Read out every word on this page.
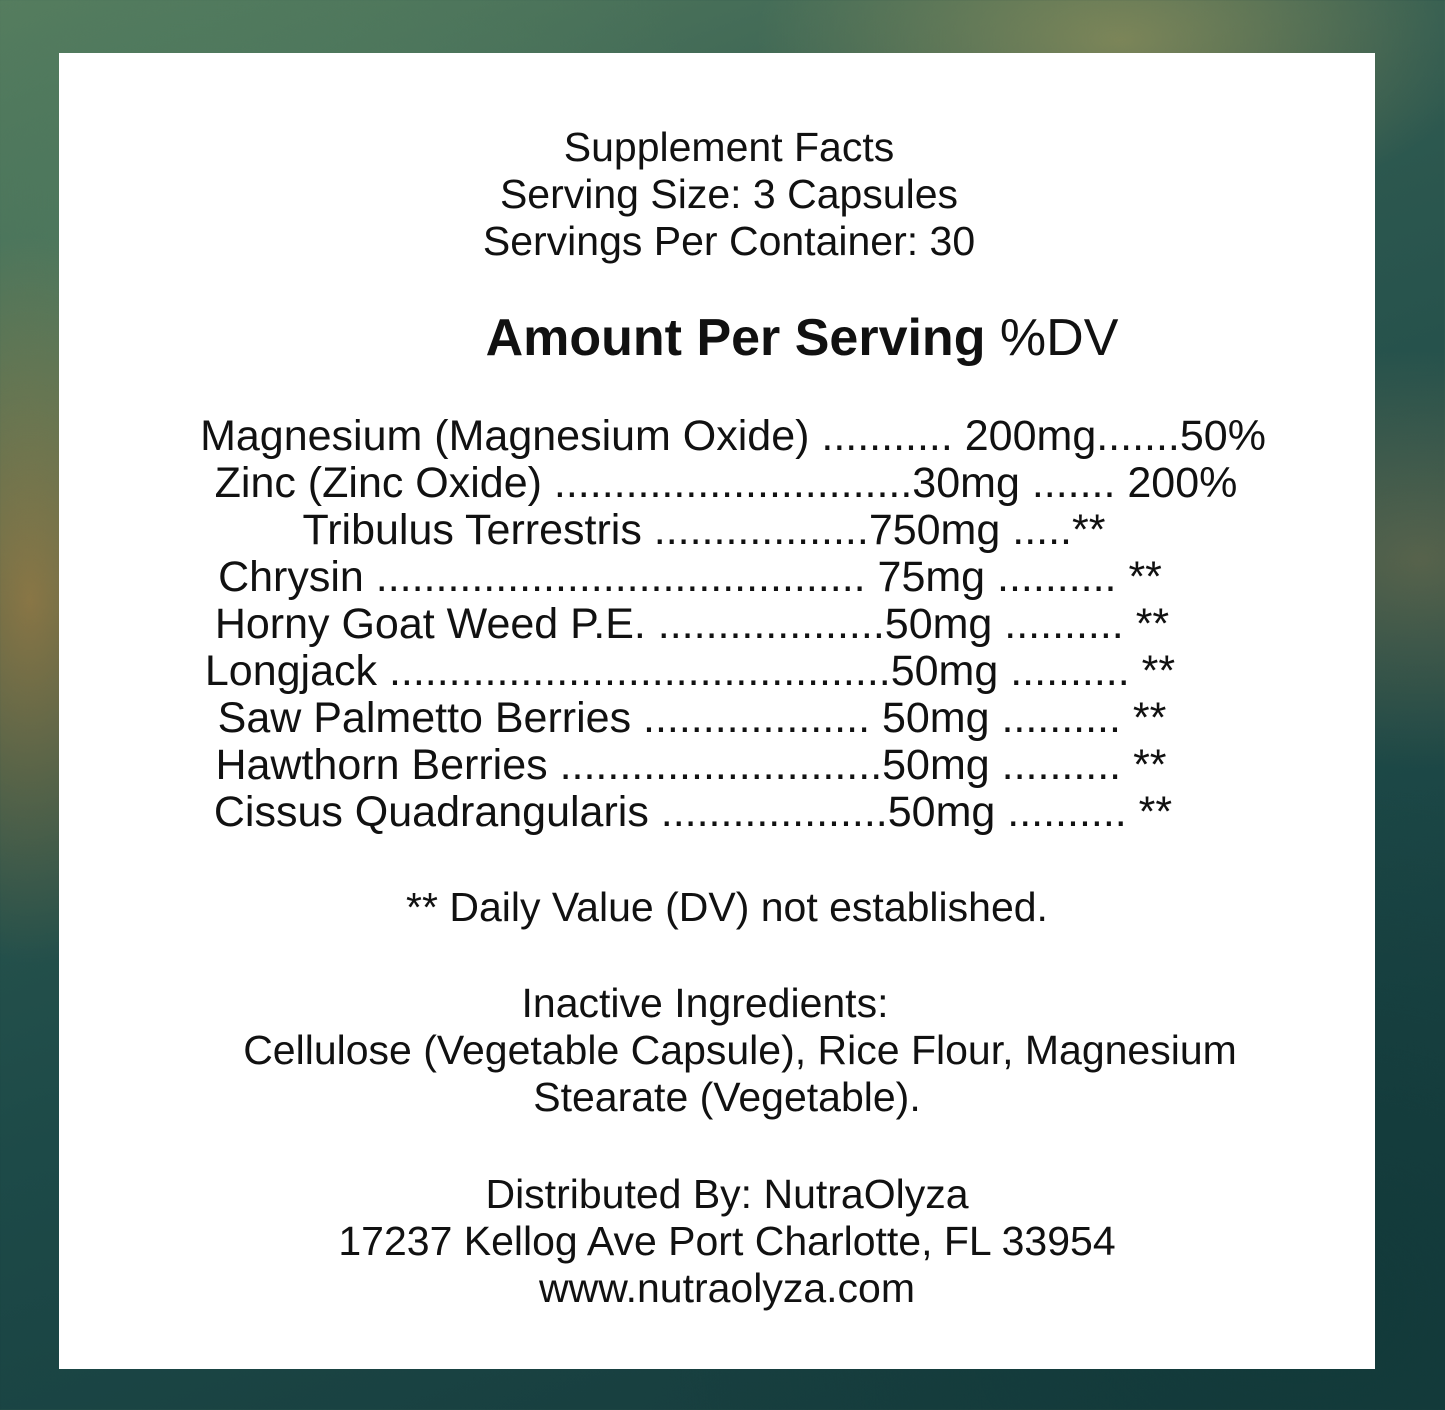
Supplement Facts
Serving Size: 3 Capsules
Servings Per Container: 30
Amount Per Serving %DV
Magnesium (Magnesium Oxide) ........... 200mg.......50%
Zinc (Zinc Oxide) ..............................30mg ....... 200%
Tribulus Terrestris ..................750mg .....**
Chrysin ......................................... 75mg .......... **
Horny Goat Weed P.E. ...................50mg .......... **
Longjack ..........................................50mg .......... **
Saw Palmetto Berries ................... 50mg .......... **
Hawthorn Berries ...........................50mg .......... **
Cissus Quadrangularis ...................50mg .......... **
** Daily Value (DV) not established.
Inactive Ingredients:
Cellulose (Vegetable Capsule), Rice Flour, Magnesium
Stearate (Vegetable).
Distributed By: NutraOlyza
17237 Kellog Ave Port Charlotte, FL 33954
www.nutraolyza.com
